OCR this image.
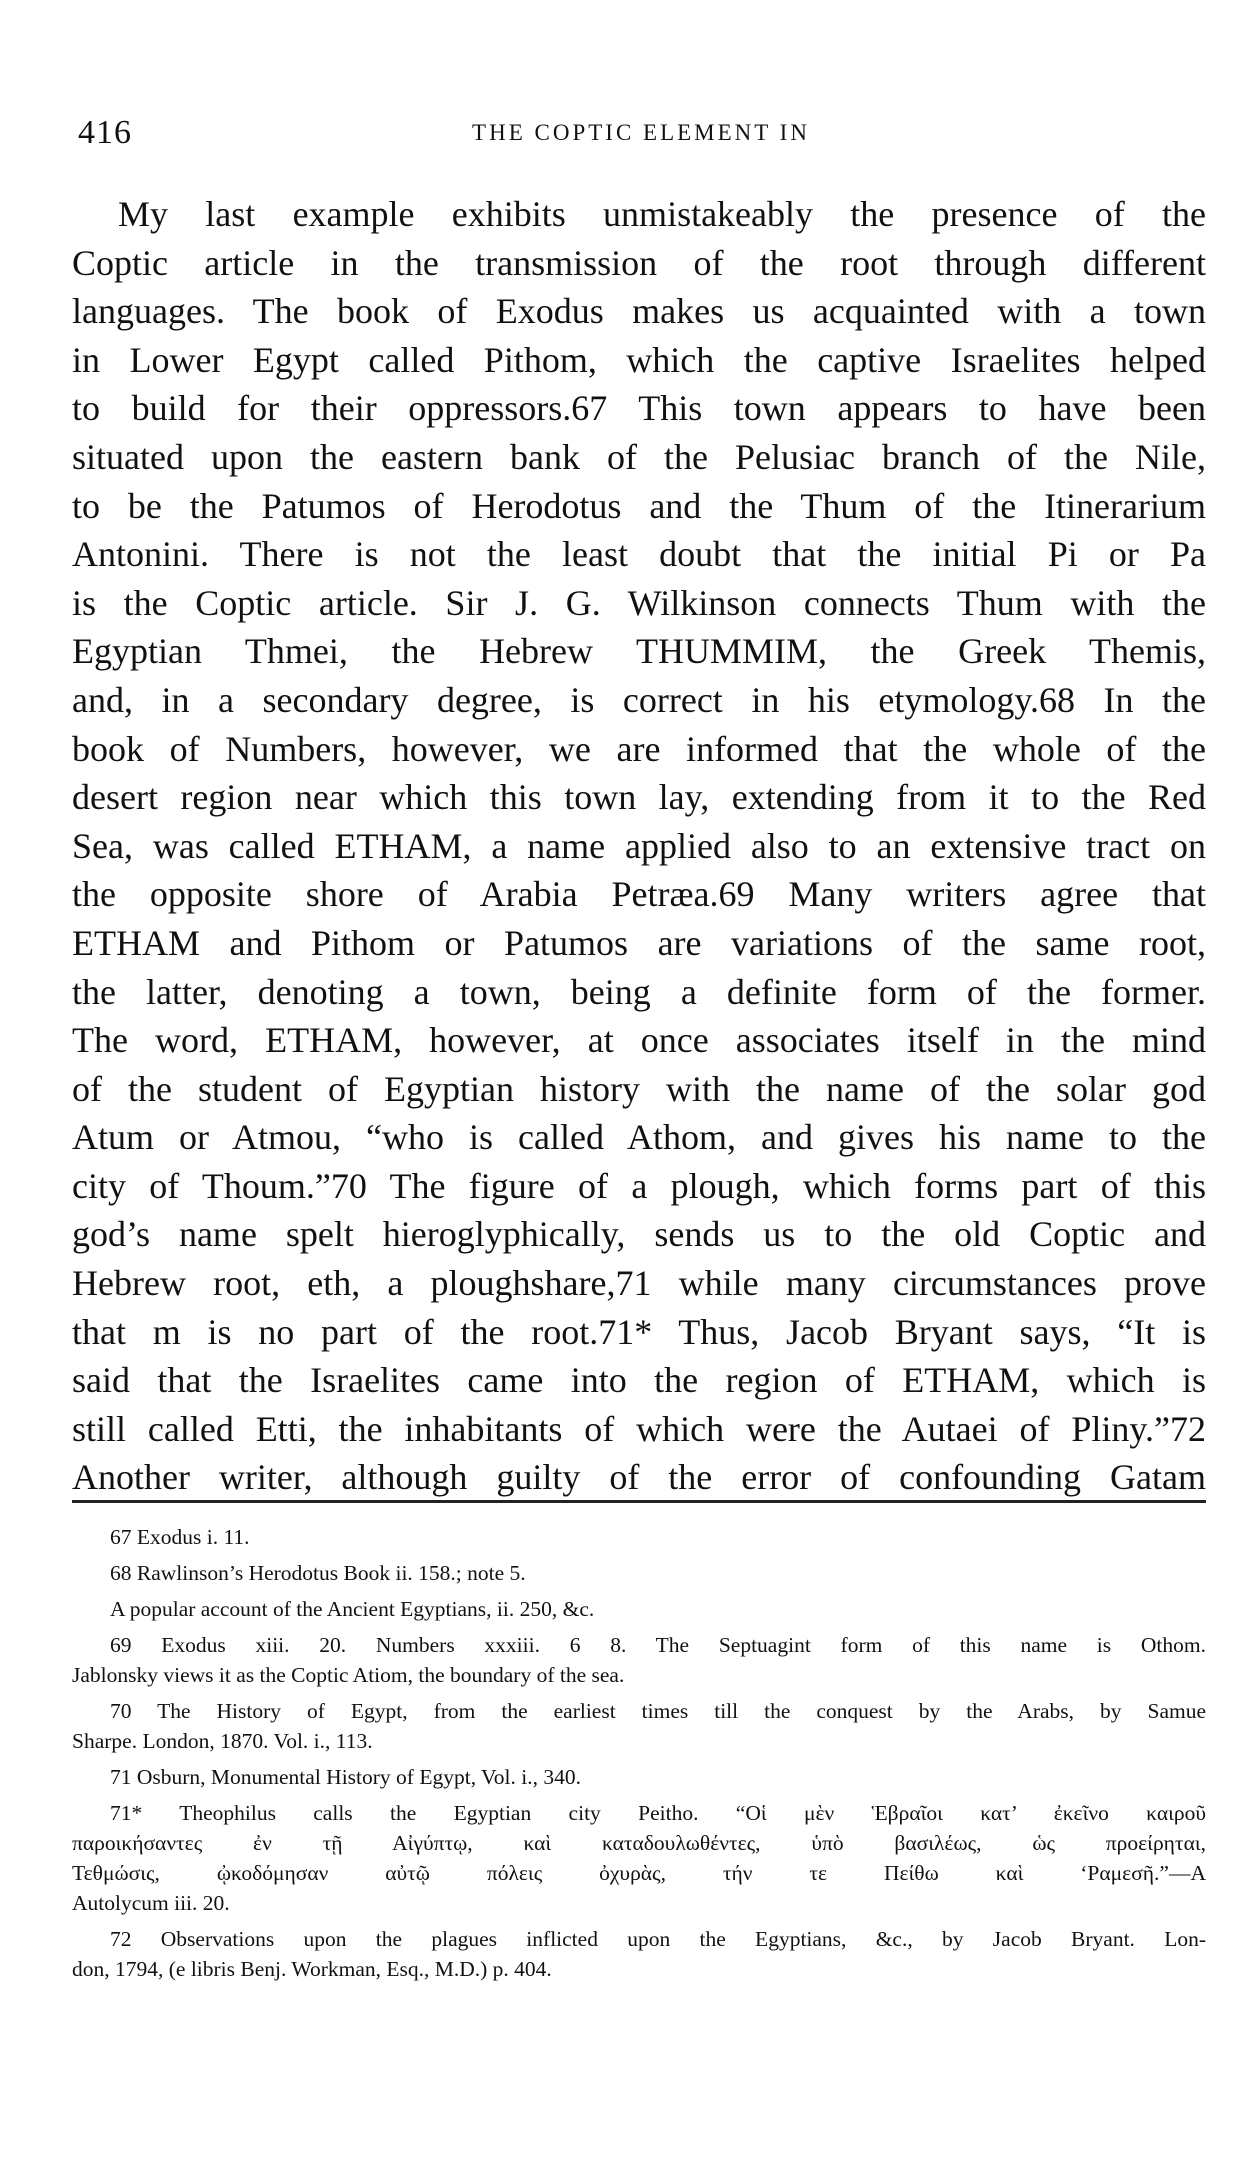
416	THE COPTIC ELEMENT IN
My last example exhibits unmistakeably the presence of the
Coptic article in the transmission of the root through different
languages. The book of Exodus makes us acquainted with a town
in Lower Egypt called Pithom, which the captive Israelites helped
to build for their oppressors.67 This town appears to have been
situated upon the eastern bank of the Pelusiac branch of the Nile,
to be the Patumos of Herodotus and the Thum of the Itinerarium
Antonini. There is not the least doubt that the initial Pi or Pa
is the Coptic article. Sir J. G. Wilkinson connects Thum with the
Egyptian Thmei, the Hebrew THUMMIM, the Greek Themis,
and, in a secondary degree, is correct in his etymology.68 In the
book of Numbers, however, we are informed that the whole of the
desert region near which this town lay, extending from it to the Red
Sea, was called ETHAM, a name applied also to an extensive tract on
the opposite shore of Arabia Petræa.69 Many writers agree that
ETHAM and Pithom or Patumos are variations of the same root,
the latter, denoting a town, being a definite form of the former.
The word, ETHAM, however, at once associates itself in the mind
of the student of Egyptian history with the name of the solar god
Atum or Atmou, “who is called Athom, and gives his name to the
city of Thoum.”70 The figure of a plough, which forms part of this
god’s name spelt hieroglyphically, sends us to the old Coptic and
Hebrew root, eth, a ploughshare,71 while many circumstances prove
that m is no part of the root.71* Thus, Jacob Bryant says, “It is
said that the Israelites came into the region of ETHAM, which is
still called Etti, the inhabitants of which were the Autaei of Pliny.”72
Another writer, although guilty of the error of confounding Gatam
67 Exodus i. 11.
68 Rawlinson’s Herodotus Book ii. 158.; note 5.
A popular account of the Ancient Egyptians, ii. 250, &c.
69 Exodus xiii. 20. Numbers xxxiii. 6 8. The Septuagint form of this name is Othom.
Jablonsky views it as the Coptic Atiom, the boundary of the sea.
70 The History of Egypt, from the earliest times till the conquest by the Arabs, by Samue
Sharpe. London, 1870. Vol. i., 113.
71 Osburn, Monumental History of Egypt, Vol. i., 340.
71* Theophilus calls the Egyptian city Peitho. “Οἱ μὲν Ἑβραῖοι κατ’ ἐκεῖνο καιροῦ
παροικήσαντες ἐν τῇ Αἰγύπτῳ, καὶ καταδουλωθέντες, ὑπὸ βασιλέως, ὡς προείρηται,
Τεθμώσις, ᾠκοδόμησαν αὐτῷ πόλεις ὀχυρὰς, τήν τε Πείθω καὶ ‘Ραμεσῆ.”—A
Autolycum iii. 20.
72 Observations upon the plagues inflicted upon the Egyptians, &c., by Jacob Bryant. Lon-
don, 1794, (e libris Benj. Workman, Esq., M.D.) p. 404.
